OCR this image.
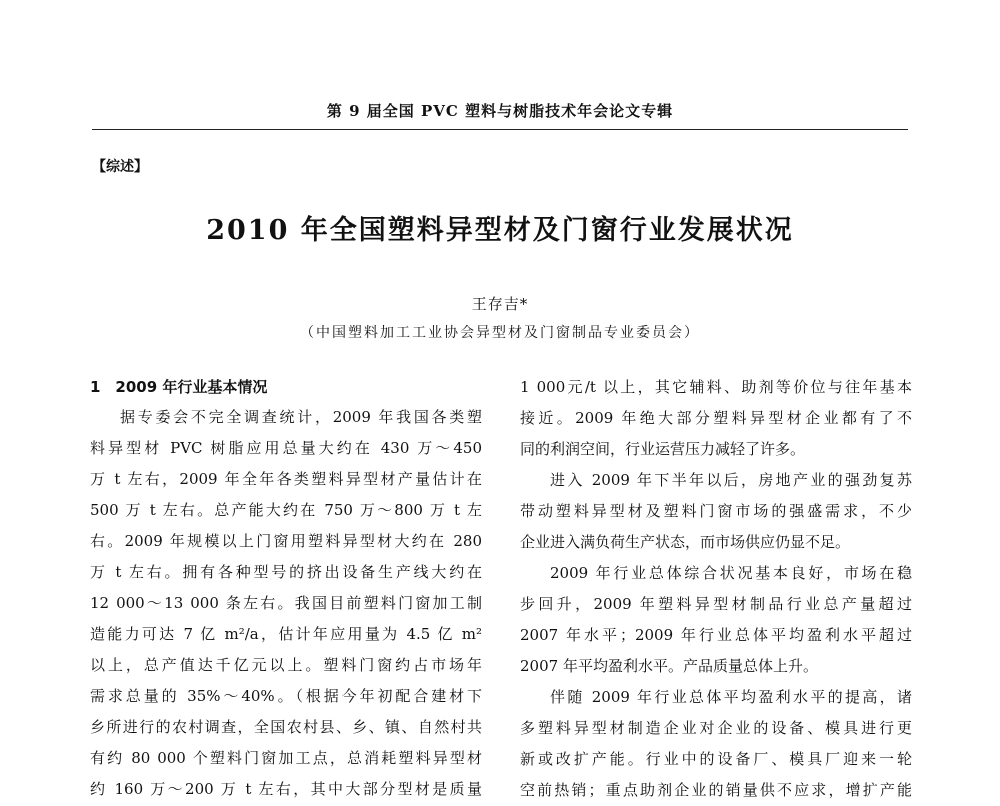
第 9 届全国 PVC 塑料与树脂技术年会论文专辑
【综述】
2010 年全国塑料异型材及门窗行业发展状况
王存吉*
（中国塑料加工工业协会异型材及门窗制品专业委员会）
1　2009 年行业基本情况
据专委会不完全调查统计，2009 年我国各类塑
料异型材 PVC 树脂应用总量大约在 430 万～450
万 t 左右，2009 年全年各类塑料异型材产量估计在
500 万 t 左右。总产能大约在 750 万～800 万 t 左
右。2009 年规模以上门窗用塑料异型材大约在 280
万 t 左右。拥有各种型号的挤出设备生产线大约在
12 000～13 000 条左右。我国目前塑料门窗加工制
造能力可达 7 亿 m²/a，估计年应用量为 4.5 亿 m²
以上，总产值达千亿元以上。塑料门窗约占市场年
需求总量的 35%～40%。（根据今年初配合建材下
乡所进行的农村调查，全国农村县、乡、镇、自然村共
有约 80 000 个塑料门窗加工点，总消耗塑料异型材
约 160 万～200 万 t 左右，其中大部分型材是质量
1 000元/t 以上，其它辅料、助剂等价位与往年基本
接近。2009 年绝大部分塑料异型材企业都有了不
同的利润空间，行业运营压力减轻了许多。
进入 2009 年下半年以后，房地产业的强劲复苏
带动塑料异型材及塑料门窗市场的强盛需求，不少
企业进入满负荷生产状态，而市场供应仍显不足。
2009 年行业总体综合状况基本良好，市场在稳
步回升，2009 年塑料异型材制品行业总产量超过
2007 年水平；2009 年行业总体平均盈利水平超过
2007 年平均盈利水平。产品质量总体上升。
伴随 2009 年行业总体平均盈利水平的提高，诸
多塑料异型材制造企业对企业的设备、模具进行更
新或改扩产能。行业中的设备厂、模具厂迎来一轮
空前热销；重点助剂企业的销量供不应求，增扩产能
